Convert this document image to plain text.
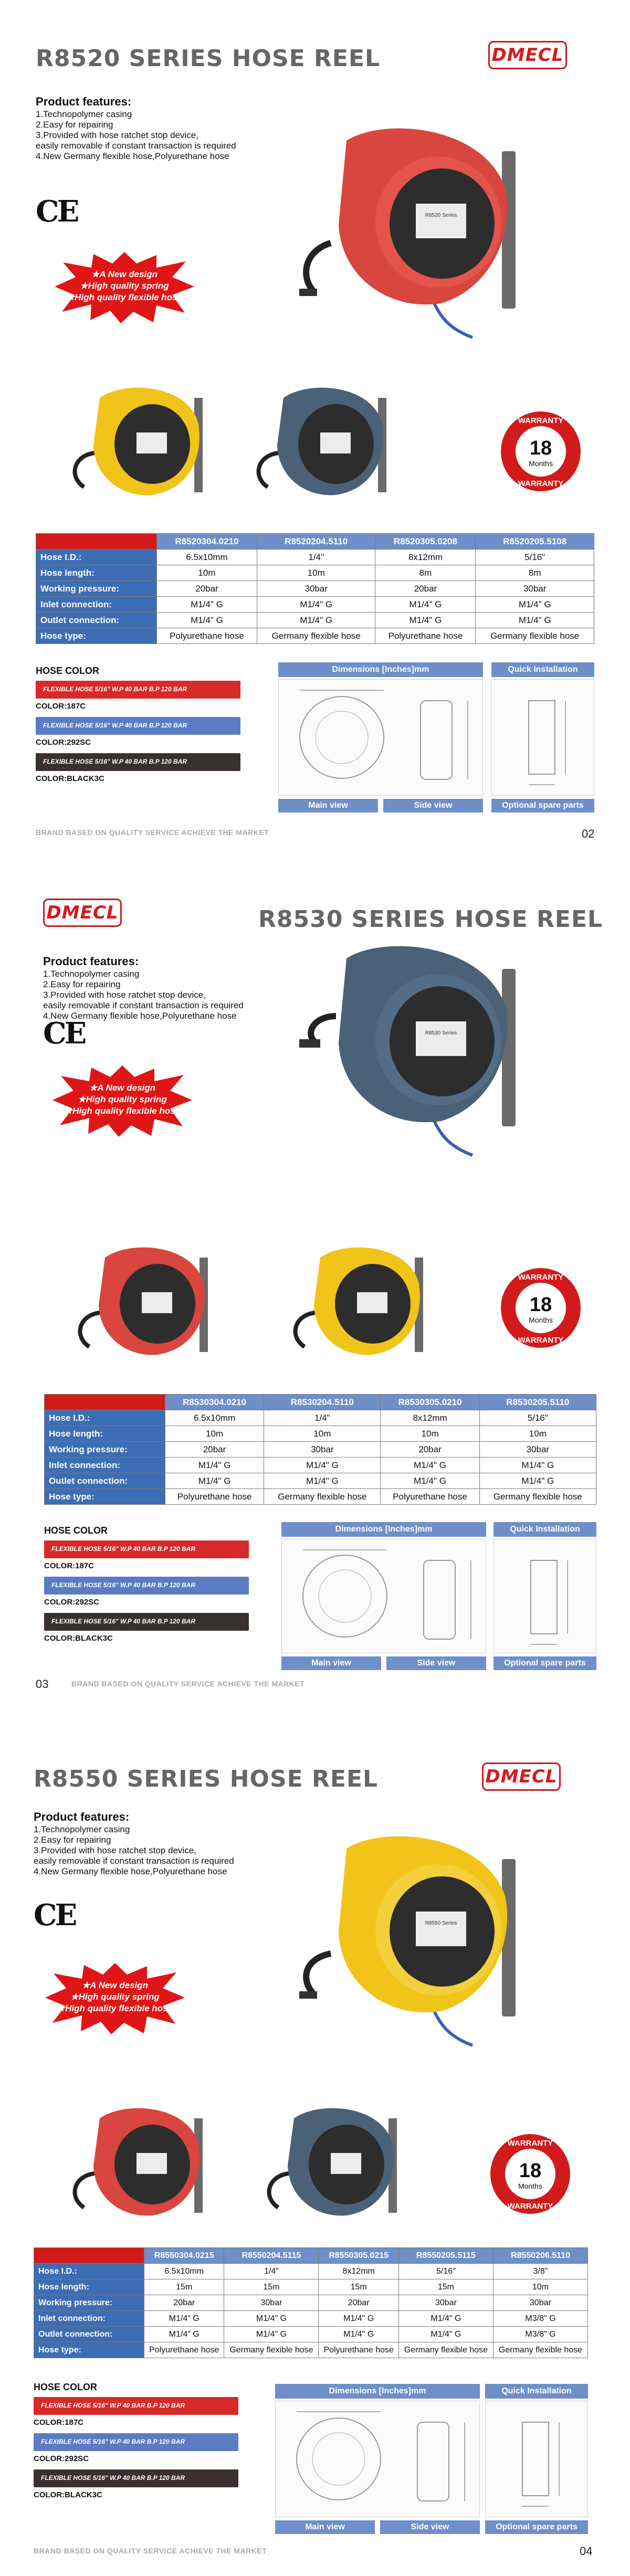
R8520 SERIES HOSE REEL	DMECL
Product features:
1.Technopolymer casing
2.Easy for repairing
3.Provided with hose ratchet stop device,
easily removable if constant transaction is required
4.New Germany flexible hose,Polyurethane hose
CE
★A New design
★High quality spring
★High quality flexible hose
R8520 Series
18
Months
WARRANTY
WARRANTY
	R8520304.0210	R8520204.5110	R8520305.0208	R8520205.5108
Hose I.D.:	6.5x10mm	1/4"	8x12mm	5/16"
Hose length:	10m	10m	8m	8m
Working pressure:	20bar	30bar	20bar	30bar
Inlet connection:	M1/4" G	M1/4" G	M1/4" G	M1/4" G
Outlet connection:	M1/4" G	M1/4" G	M1/4" G	M1/4" G
Hose type:	Polyurethane hose	Germany flexible hose	Polyurethane hose	Germany flexible hose
HOSE COLOR
FLEXIBLE HOSE 5/16" W.P 40 BAR B.P 120 BAR
COLOR:187C
FLEXIBLE HOSE 5/16" W.P 40 BAR B.P 120 BAR
COLOR:292SC
FLEXIBLE HOSE 5/16" W.P 40 BAR B.P 120 BAR
COLOR:BLACK3C
Dimensions [Inches]mm	Quick Installation
Main view	Side view	Optional spare parts
BRAND BASED ON QUALITY SERVICE ACHIEVE THE MARKET	02
DMECL	R8530 SERIES HOSE REEL
Product features:
1.Technopolymer casing
2.Easy for repairing
3.Provided with hose ratchet stop device,
easily removable if constant transaction is required
4.New Germany flexible hose,Polyurethane hose
CE
★A New design
★High quality spring
★High quality flexible hose
R8530 Series
18
Months
WARRANTY
WARRANTY
	R8530304.0210	R8530204.5110	R8530305.0210	R8530205.5110
Hose I.D.:	6.5x10mm	1/4"	8x12mm	5/16"
Hose length:	10m	10m	10m	10m
Working pressure:	20bar	30bar	20bar	30bar
Inlet connection:	M1/4" G	M1/4" G	M1/4" G	M1/4" G
Outlet connection:	M1/4" G	M1/4" G	M1/4" G	M1/4" G
Hose type:	Polyurethane hose	Germany flexible hose	Polyurethane hose	Germany flexible hose
HOSE COLOR
FLEXIBLE HOSE 5/16" W.P 40 BAR B.P 120 BAR
COLOR:187C
FLEXIBLE HOSE 5/16" W.P 40 BAR B.P 120 BAR
COLOR:292SC
FLEXIBLE HOSE 5/16" W.P 40 BAR B.P 120 BAR
COLOR:BLACK3C
Dimensions [Inches]mm	Quick Installation
Main view	Side view	Optional spare parts
03	BRAND BASED ON QUALITY SERVICE ACHIEVE THE MARKET
R8550 SERIES HOSE REEL	DMECL
Product features:
1.Technopolymer casing
2.Easy for repairing
3.Provided with hose ratchet stop device,
easily removable if constant transaction is required
4.New Germany flexible hose,Polyurethane hose
CE
★A New design
★High quality spring
★High quality flexible hose
R8550 Series
18
Months
WARRANTY
WARRANTY
	R8550304.0215	R8550204.5115	R8550305.0215	R8550205.5115	R8550206.5110
Hose I.D.:	6.5x10mm	1/4"	8x12mm	5/16"	3/8"
Hose length:	15m	15m	15m	15m	10m
Working pressure:	20bar	30bar	20bar	30bar	30bar
Inlet connection:	M1/4" G	M1/4" G	M1/4" G	M1/4" G	M3/8" G
Outlet connection:	M1/4" G	M1/4" G	M1/4" G	M1/4" G	M3/8" G
Hose type:	Polyurethane hose	Germany flexible hose	Polyurethane hose	Germany flexible hose	Germany flexible hose
HOSE COLOR
FLEXIBLE HOSE 5/16" W.P 40 BAR B.P 120 BAR
COLOR:187C
FLEXIBLE HOSE 5/16" W.P 40 BAR B.P 120 BAR
COLOR:292SC
FLEXIBLE HOSE 5/16" W.P 40 BAR B.P 120 BAR
COLOR:BLACK3C
Dimensions [Inches]mm	Quick Installation
Main view	Side view	Optional spare parts
BRAND BASED ON QUALITY SERVICE ACHIEVE THE MARKET	04
